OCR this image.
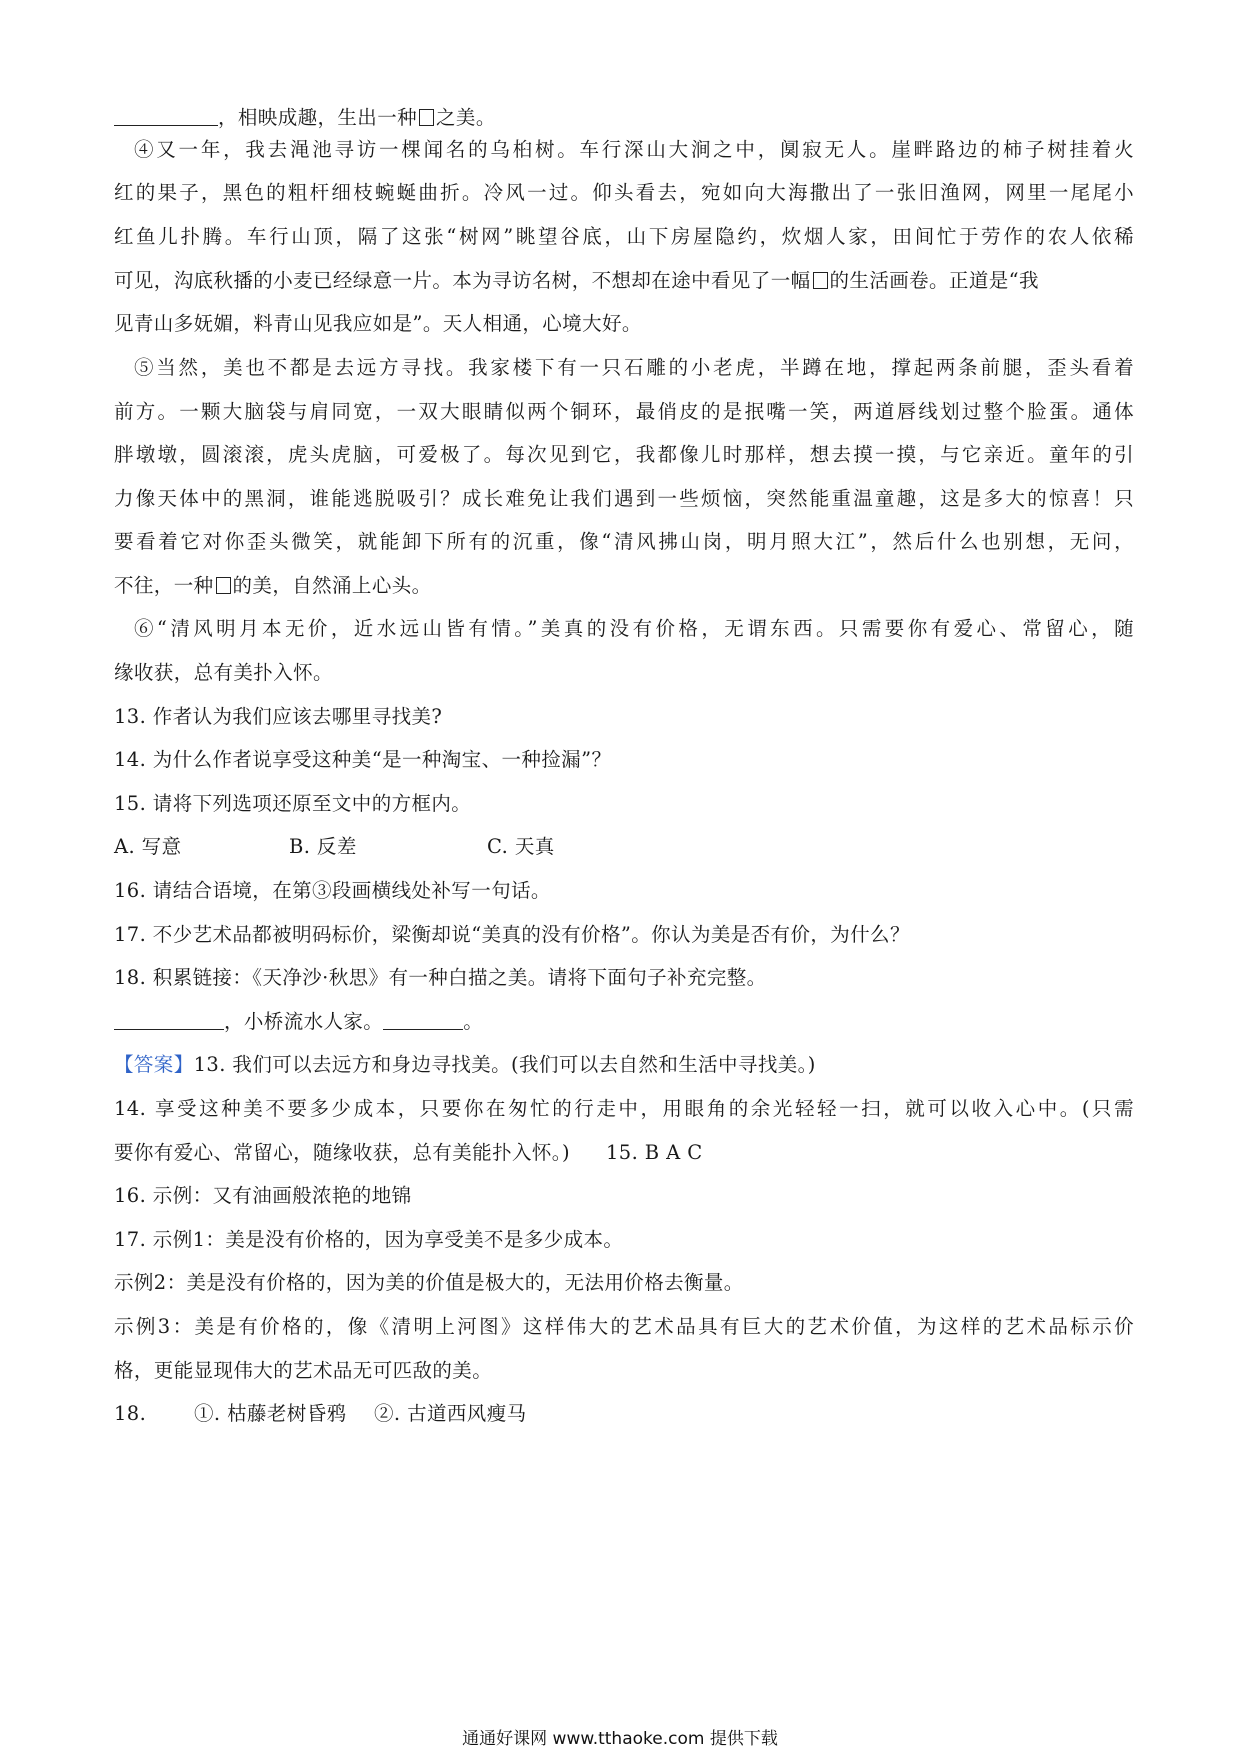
，相映成趣，生出一种 之美。
④又一年，我去渑池寻访一棵闻名的乌桕树。车行深山大涧之中，阒寂无人。崖畔路边的柿子树挂着火
红的果子，黑色的粗杆细枝蜿蜒曲折。冷风一过。仰头看去，宛如向大海撒出了一张旧渔网，网里一尾尾小
红鱼儿扑腾。车行山顶，隔了这张“树网”眺望谷底，山下房屋隐约，炊烟人家，田间忙于劳作的农人依稀
可见，沟底秋播的小麦已经绿意一片。本为寻访名树，不想却在途中看见了一幅 的生活画卷。正道是“我
见青山多妩媚，料青山见我应如是”。天人相通，心境大好。
⑤当然，美也不都是去远方寻找。我家楼下有一只石雕的小老虎，半蹲在地，撑起两条前腿，歪头看着
前方。一颗大脑袋与肩同宽，一双大眼睛似两个铜环，最俏皮的是抿嘴一笑，两道唇线划过整个脸蛋。通体
胖墩墩，圆滚滚，虎头虎脑，可爱极了。每次见到它，我都像儿时那样，想去摸一摸，与它亲近。童年的引
力像天体中的黑洞，谁能逃脱吸引？成长难免让我们遇到一些烦恼，突然能重温童趣，这是多大的惊喜！只
要看着它对你歪头微笑，就能卸下所有的沉重，像“清风拂山岗，明月照大江”，然后什么也别想，无问，
不往，一种 的美，自然涌上心头。
⑥“清风明月本无价，近水远山皆有情。”美真的没有价格，无谓东西。只需要你有爱心、常留心，随
缘收获，总有美扑入怀。
13. 作者认为我们应该去哪里寻找美?
14. 为什么作者说享受这种美“是一种淘宝、一种捡漏”？
15. 请将下列选项还原至文中的方框内。
A. 写意	B. 反差	C. 天真
16. 请结合语境，在第③段画横线处补写一句话。
17. 不少艺术品都被明码标价，梁衡却说“美真的没有价格”。你认为美是否有价，为什么？
18. 积累链接：《天净沙·秋思》有一种白描之美。请将下面句子补充完整。
，小桥流水人家。	。
【答案】13. 我们可以去远方和身边寻找美。(我们可以去自然和生活中寻找美。)
14. 享受这种美不要多少成本，只要你在匆忙的行走中，用眼角的余光轻轻一扫，就可以收入心中。(只需
要你有爱心、常留心，随缘收获，总有美能扑入怀。) 15. B A C
16. 示例：又有油画般浓艳的地锦
17. 示例1：美是没有价格的，因为享受美不是多少成本。
示例2：美是没有价格的，因为美的价值是极大的，无法用价格去衡量。
示例3：美是有价格的，像《清明上河图》这样伟大的艺术品具有巨大的艺术价值，为这样的艺术品标示价
格，更能显现伟大的艺术品无可匹敌的美。
18. ①. 枯藤老树昏鸦 ②. 古道西风瘦马
通通好课网 www.tthaoke.com 提供下载
